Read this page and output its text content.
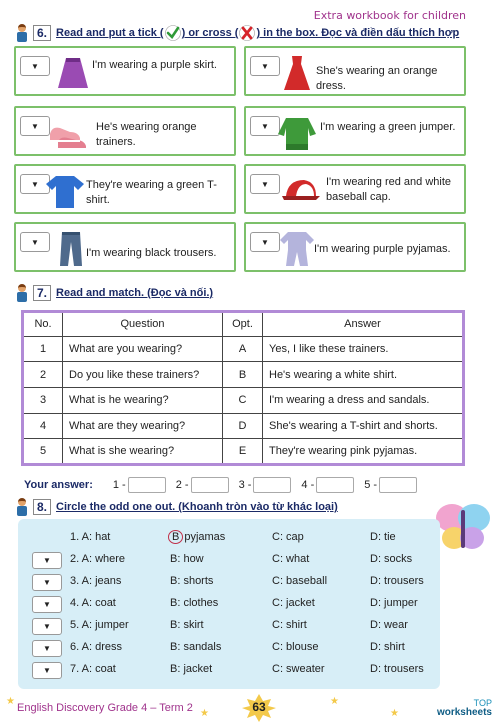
Extra workbook for children
6. Read and put a tick ( ) or cross ( ) in the box. Đọc và điền dấu thích hợp
▼	I'm wearing a purple skirt.	▼	She's wearing an orange dress.
▼	He's wearing orange trainers.
▼	I'm wearing a green jumper.
▼	They're wearing a green T-shirt.
▼	I'm wearing red and white baseball cap.
▼
I'm wearing black trousers.
▼
I'm wearing purple pyjamas.
7. Read and match. (Đọc và nối.)
No.	Question	Opt.	Answer
1	What are you wearing?	A	Yes, I like these trainers.
2	Do you like these trainers?	B	He's wearing a white shirt.
3	What is he wearing?	C	I'm wearing a dress and sandals.
4	What are they wearing?	D	She's wearing a T-shirt and shorts.
5	What is she wearing?	E	They're wearing pink pyjamas.
Your answer: 1 -	2 -	3 -	4 -	5 -
8. Circle the odd one out. (Khoanh tròn vào từ khác loại)
1. A: hat	B pyjamas	C: cap	D: tie
▼	2. A: where	B: how	C: what	D: socks
▼	3. A: jeans	B: shorts	C: baseball	D: trousers
▼	4. A: coat	B: clothes	C: jacket	D: jumper
▼	5. A: jumper	B: skirt	C: shirt	D: wear
▼	6. A: dress	B: sandals	C: blouse	D: shirt
▼	7. A: coat	B: jacket	C: sweater	D: trousers
★
★
★
★
English Discovery Grade 4 – Term 2	63	TOP
worksheets
